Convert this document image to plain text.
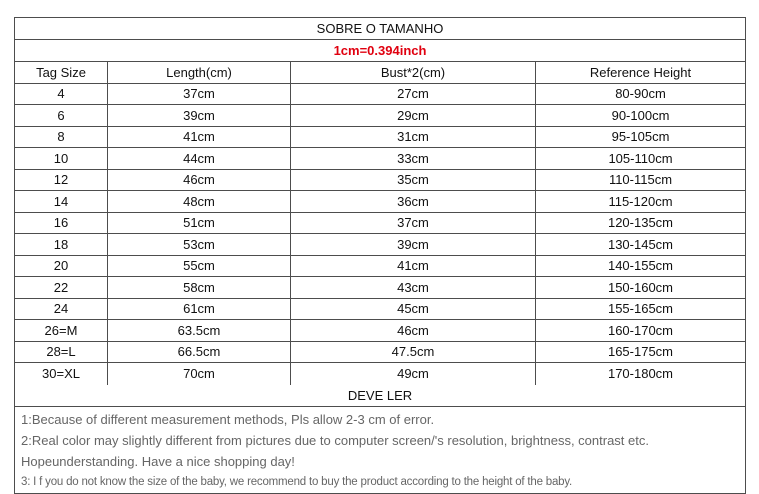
SOBRE O TAMANHO
1cm=0.394inch
Tag Size	Length(cm)	Bust*2(cm)	Reference Height
4	37cm	27cm	80-90cm
6	39cm	29cm	90-100cm
8	41cm	31cm	95-105cm
10	44cm	33cm	105-110cm
12	46cm	35cm	110-115cm
14	48cm	36cm	115-120cm
16	51cm	37cm	120-135cm
18	53cm	39cm	130-145cm
20	55cm	41cm	140-155cm
22	58cm	43cm	150-160cm
24	61cm	45cm	155-165cm
26=M	63.5cm	46cm	160-170cm
28=L	66.5cm	47.5cm	165-175cm
30=XL	70cm	49cm	170-180cm
DEVE LER
1:Because of different measurement methods, Pls allow 2-3 cm of error.
2:Real color may slightly different from pictures due to computer screen/'s resolution, brightness, contrast etc.
Hopeunderstanding. Have a nice shopping day!
3: I f you do not know the size of the baby, we recommend to buy the product according to the height of the baby.
